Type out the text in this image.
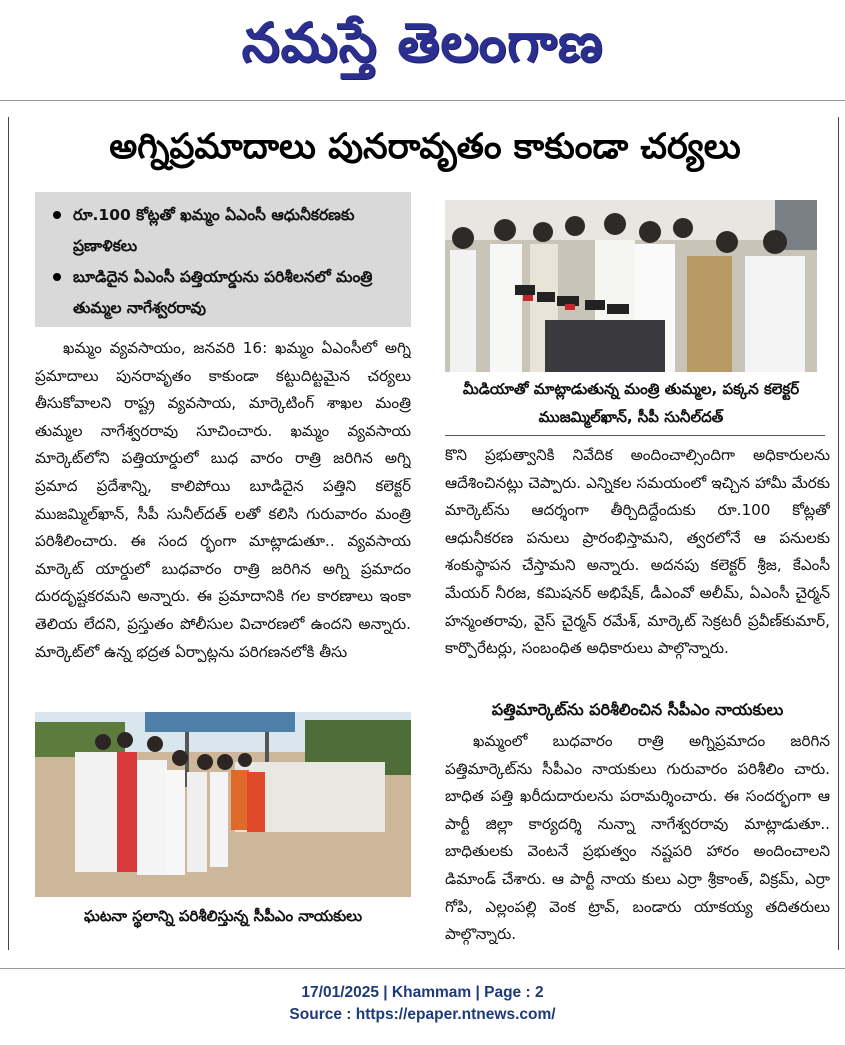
నమస్తే తెలంగాణ
అగ్నిప్రమాదాలు పునరావృతం కాకుండా చర్యలు
రూ.100 కోట్లతో ఖమ్మం ఏఎంసీ ఆధునీకరణకు ప్రణాళికలు
బూడిదైన ఏఎంసీ పత్తియార్డును పరిశీలనలో మంత్రి తుమ్మల నాగేశ్వరరావు

ఖమ్మం వ్యవసాయం, జనవరి 16: ఖమ్మం ఏఎంసీలో అగ్ని ప్రమాదాలు పునరావృతం కాకుండా కట్టుదిట్టమైన చర్యలు తీసుకోవాలని రాష్ట్ర వ్యవసాయ, మార్కెటింగ్ శాఖల మంత్రి తుమ్మల నాగేశ్వరరావు సూచించారు. ఖమ్మం వ్యవసాయ మార్కెట్‌లోని పత్తియార్డులో బుధ వారం రాత్రి జరిగిన అగ్ని ప్రమాద ప్రదేశాన్ని, కాలిపోయి బూడిదైన పత్తిని కలెక్టర్ ముజమ్మిల్‌ఖాన్, సీపీ సునీల్‌దత్ లతో కలిసి గురువారం మంత్రి పరిశీలించారు. ఈ సంద ర్భంగా మాట్లాడుతూ.. వ్యవసాయ మార్కెట్ యార్డులో బుధవారం రాత్రి జరిగిన అగ్ని ప్రమాదం దురదృష్టకరమని అన్నారు. ఈ ప్రమాదానికి గల కారణాలు ఇంకా తెలియ లేదని, ప్రస్తుతం పోలీసుల విచారణలో ఉందని అన్నారు. మార్కెట్‌లో ఉన్న భద్రత ఏర్పాట్లను పరిగణనలోకి తీసు

మీడియాతో మాట్లాడుతున్న మంత్రి తుమ్మల, పక్కన కలెక్టర్ ముజమ్మిల్‌ఖాన్, సీపీ సునీల్‌దత్

కొని ప్రభుత్వానికి నివేదిక అందించాల్సిందిగా అధికారులను ఆదేశించినట్లు చెప్పారు. ఎన్నికల సమయంలో ఇచ్చిన హామీ మేరకు మార్కెట్‌ను ఆదర్శంగా తీర్చిదిద్దేందుకు రూ.100 కోట్లతో ఆధునీకరణ పనులు ప్రారంభిస్తామని, త్వరలోనే ఆ పనులకు శంకుస్థాపన చేస్తామని అన్నారు. అదనపు కలెక్టర్ శ్రీజ, కేఎంసీ మేయర్ నీరజ, కమిషనర్ అభిషేక్, డీఎంవో అలీమ్, ఏఎంసీ చైర్మన్ హన్మంతరావు, వైస్ చైర్మన్ రమేశ్, మార్కెట్ సెక్రటరీ ప్రవీణ్‌కుమార్, కార్పొరేటర్లు, సంబంధిత అధికారులు పాల్గొన్నారు.

పత్తిమార్కెట్‌ను పరిశీలించిన సీపీఎం నాయకులు

ఖమ్మంలో బుధవారం రాత్రి అగ్నిప్రమాదం జరిగిన పత్తిమార్కెట్‌ను సీపీఎం నాయకులు గురువారం పరిశీలిం చారు. బాధిత పత్తి ఖరీదుదారులను పరామర్శించారు. ఈ సందర్భంగా ఆ పార్టీ జిల్లా కార్యదర్శి నున్నా నాగేశ్వరరావు మాట్లాడుతూ.. బాధితులకు వెంటనే ప్రభుత్వం నష్టపరి హారం అందించాలని డిమాండ్ చేశారు. ఆ పార్టీ నాయ కులు ఎర్రా శ్రీకాంత్, విక్రమ్, ఎర్రా గోపి, ఎల్లంపల్లి వెంక ట్రావ్, బండారు యాకయ్య తదితరులు పాల్గొన్నారు.

ఘటనా స్థలాన్ని పరిశీలిస్తున్న సీపీఎం నాయకులు
17/01/2025 | Khammam | Page : 2
Source : https://epaper.ntnews.com/
